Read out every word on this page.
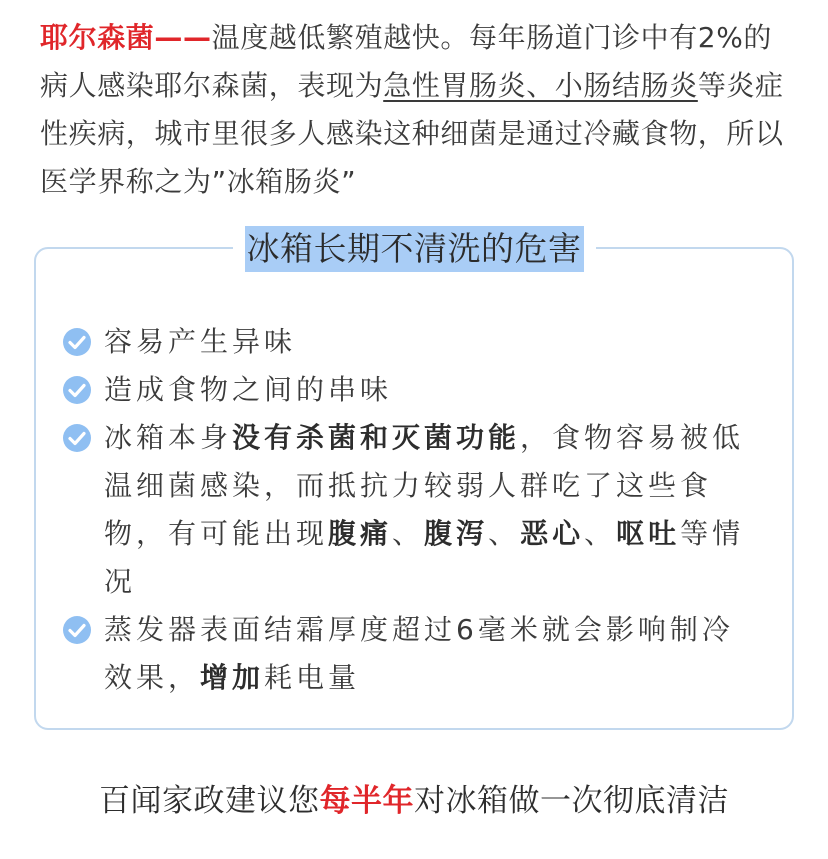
耶尔森菌——温度越低繁殖越快。每年肠道门诊中有2%的病人感染耶尔森菌，表现为急性胃肠炎、小肠结肠炎等炎症性疾病，城市里很多人感染这种细菌是通过冷藏食物，所以医学界称之为”冰箱肠炎”
冰箱长期不清洗的危害
容易产生异味
造成食物之间的串味
冰箱本身没有杀菌和灭菌功能，食物容易被低温细菌感染，而抵抗力较弱人群吃了这些食物，有可能出现腹痛、腹泻、恶心、呕吐等情况
蒸发器表面结霜厚度超过6毫米就会影响制冷效果，增加耗电量
百闻家政建议您每半年对冰箱做一次彻底清洁
